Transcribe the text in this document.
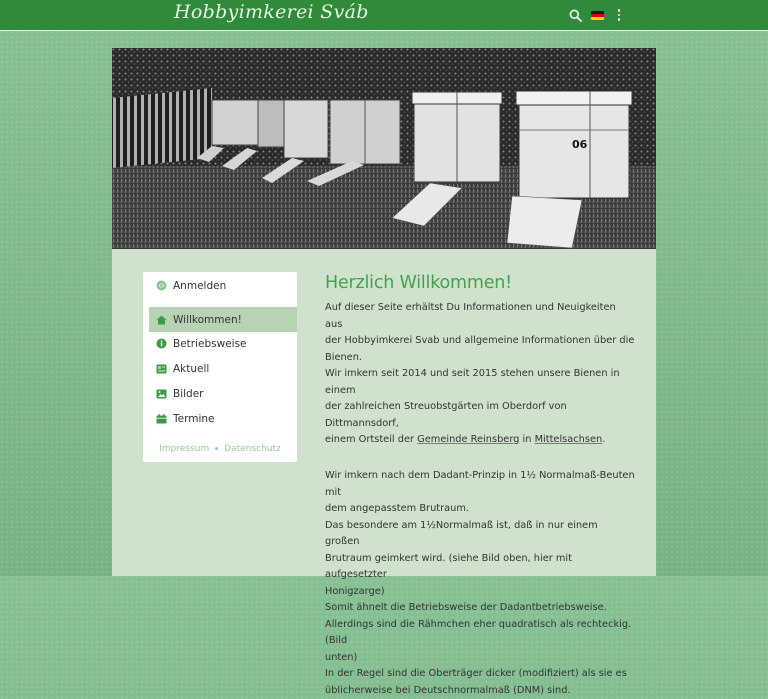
Hobbyimkerei Sváb
06
Anmelden
Willkommen!
Betriebsweise
Aktuell
Bilder
Termine
Impressum Datenschutz
Herzlich Willkommen!

Auf dieser Seite erhältst Du Informationen und Neuigkeiten aus
der Hobbyimkerei Svab und allgemeine Informationen über die
Bienen.
Wir imkern seit 2014 und seit 2015 stehen unsere Bienen in einem
der zahlreichen Streuobstgärten im Oberdorf von Dittmannsdorf,
einem Ortsteil der Gemeinde Reinsberg in Mittelsachsen.

Wir imkern nach dem Dadant-Prinzip in 1½ Normalmaß-Beuten mit
dem angepasstem Brutraum.
Das besondere am 1½Normalmaß ist, daß in nur einem großen
Brutraum geimkert wird. (siehe Bild oben, hier mit aufgesetzter
Honigzarge)
Somit ähnelt die Betriebsweise der Dadantbetriebsweise.
Allerdings sind die Rähmchen eher quadratisch als rechteckig. (Bild
unten)
In der Regel sind die Oberträger dicker (modifiziert) als sie es
üblicherweise bei Deutschnormalmaß (DNM) sind.
